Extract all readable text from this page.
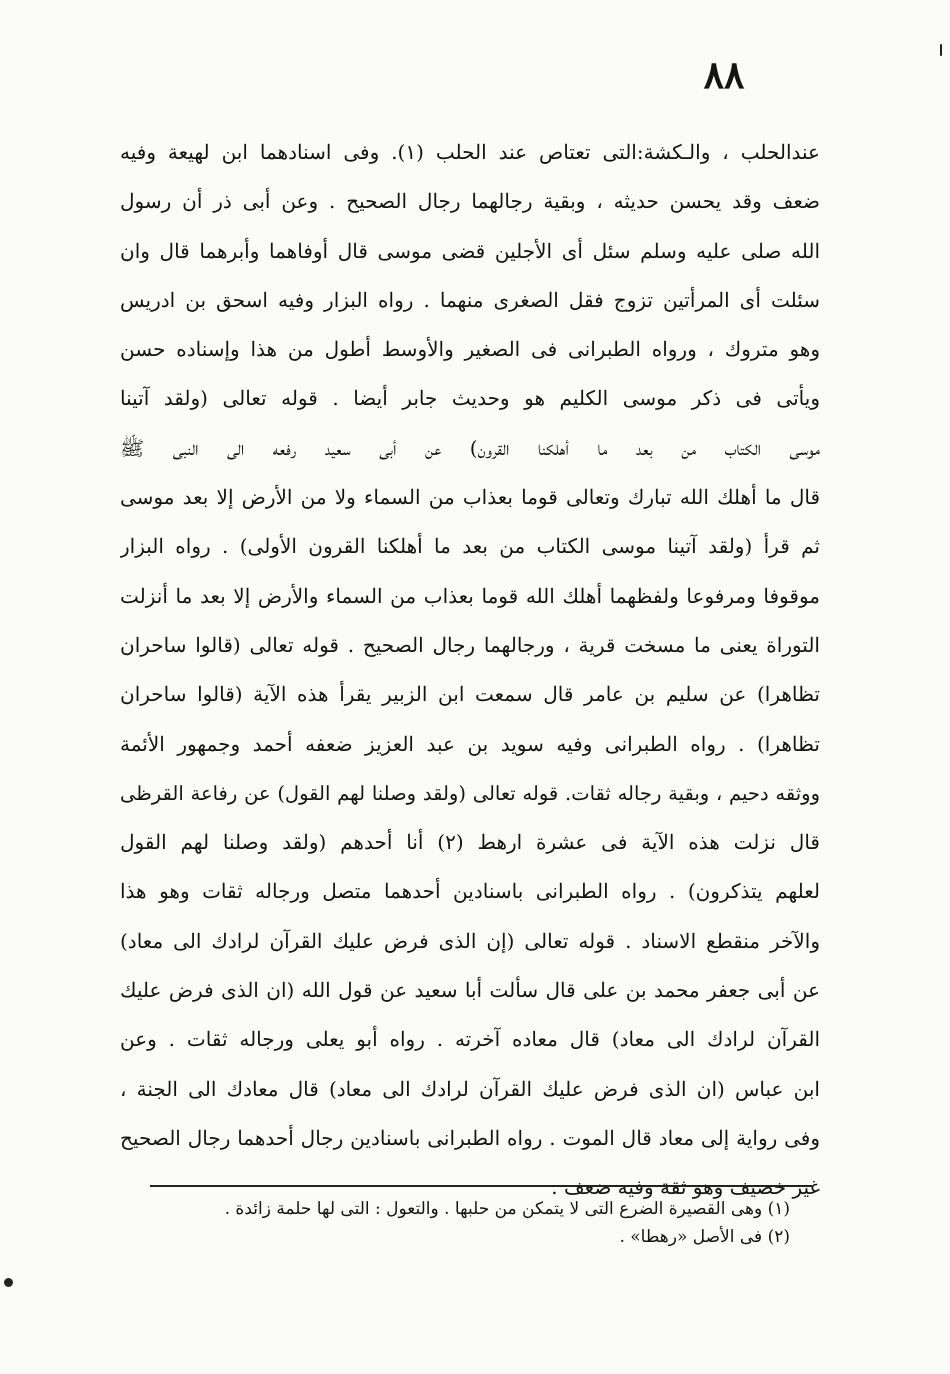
٨٨
عندالحلب ، والـكشة:التى تعتاص عند الحلب (١). وفى اسنادهما ابن لهيعة وفيه
ضعف وقد يحسن حديثه ، وبقية رجالهما رجال الصحيح . وعن أبى ذر أن رسول
الله صلى عليه وسلم سئل أى الأجلين قضى موسى قال أوفاهما وأبرهما قال وان
سئلت أى المرأتين تزوج فقل الصغرى منهما . رواه البزار وفيه اسحق بن ادريس
وهو متروك ، ورواه الطبرانى فى الصغير والأوسط أطول من هذا وإسناده حسن
ويأتى فى ذكر موسى الكليم هو وحديث جابر أيضا . قوله تعالى (ولقد آتينا
موسى الكتاب من بعد ما أهلكنا القرون) عن أبى سعيد رفعه الى النبى ﷺ
قال ما أهلك الله تبارك وتعالى قوما بعذاب من السماء ولا من الأرض إلا بعد موسى
ثم قرأ (ولقد آتينا موسى الكتاب من بعد ما أهلكنا القرون الأولى) . رواه البزار
موقوفا ومرفوعا ولفظهما أهلك الله قوما بعذاب من السماء والأرض إلا بعد ما أنزلت
التوراة يعنى ما مسخت قرية ، ورجالهما رجال الصحيح . قوله تعالى (قالوا ساحران
تظاهرا) عن سليم بن عامر قال سمعت ابن الزبير يقرأ هذه الآية (قالوا ساحران
تظاهرا) . رواه الطبرانى وفيه سويد بن عبد العزيز ضعفه أحمد وجمهور الأئمة
ووثقه دحيم ، وبقية رجاله ثقات. قوله تعالى (ولقد وصلنا لهم القول) عن رفاعة القرظى
قال نزلت هذه الآية فى عشرة ارهط (٢) أنا أحدهم (ولقد وصلنا لهم القول
لعلهم يتذكرون) . رواه الطبرانى باسنادين أحدهما متصل ورجاله ثقات وهو هذا
والآخر منقطع الاسناد . قوله تعالى (إن الذى فرض عليك القرآن لرادك الى معاد)
عن أبى جعفر محمد بن على قال سألت أبا سعيد عن قول الله (ان الذى فرض عليك
القرآن لرادك الى معاد) قال معاده آخرته . رواه أبو يعلى ورجاله ثقات . وعن
ابن عباس (ان الذى فرض عليك القرآن لرادك الى معاد) قال معادك الى الجنة ،
وفى رواية إلى معاد قال الموت . رواه الطبرانى باسنادين رجال أحدهما رجال الصحيح
غير خصيف وهو ثقة وفيه ضعف .
(١) وهى القصيرة الضرع التى لا يتمكن من حلبها . والتعول : التى لها حلمة زائدة .
(٢) فى الأصل «رهطا» .
